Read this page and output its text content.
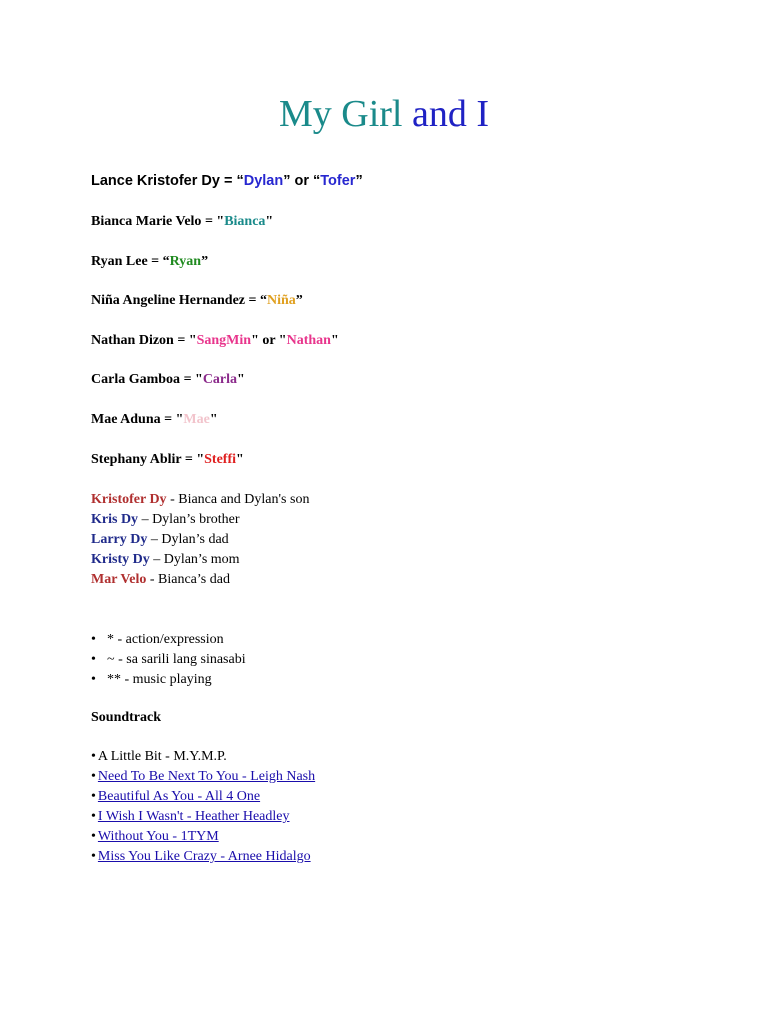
My Girl and I
Lance Kristofer Dy = “Dylan” or “Tofer”
Bianca Marie Velo = "Bianca"
Ryan Lee = “Ryan”
Niña Angeline Hernandez = “Niña”
Nathan Dizon = "SangMin" or "Nathan"
Carla Gamboa = "Carla"
Mae Aduna = "Mae"
Stephany Ablir = "Steffi"
Kristofer Dy - Bianca and Dylan's son
Kris Dy – Dylan’s brother
Larry Dy – Dylan’s dad
Kristy Dy – Dylan’s mom
Mar Velo - Bianca’s dad
• * - action/expression
• ~ - sa sarili lang sinasabi
• ** - music playing
Soundtrack
• A Little Bit - M.Y.M.P.
• Need To Be Next To You - Leigh Nash
• Beautiful As You - All 4 One
• I Wish I Wasn't - Heather Headley
• Without You - 1TYM
• Miss You Like Crazy - Arnee Hidalgo
